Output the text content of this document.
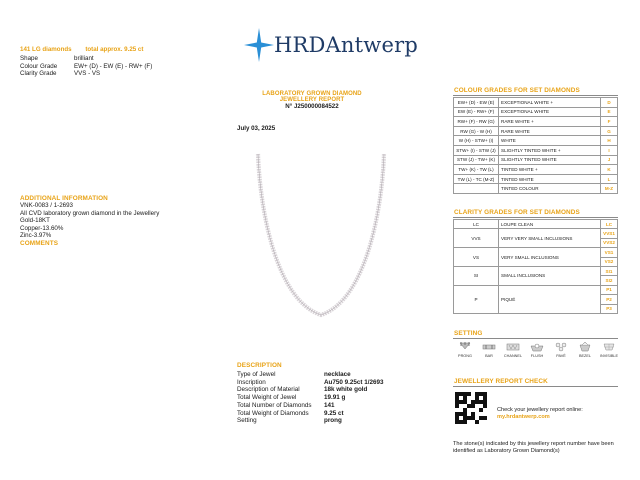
141 LG diamonds total approx. 9.25 ct
Shape	brilliant
Colour Grade	EW+ (D) - EW (E) - RW+ (F)
Clarity Grade	VVS - VS
HRDAntwerp
LABORATORY GROWN DIAMOND
JEWELLERY REPORT
N° J250000084522
July 03, 2025
ADDITIONAL INFORMATION
VNK-0083 / 1-2693
All CVD laboratory grown diamond in the Jewellery
Gold-18KT
Copper-13.60%
Zinc-3.97%
COMMENTS
DESCRIPTION
Type of Jewel	necklace
Inscription	Au750 9.25ct 1/2693
Description of Material	18k white gold
Total Weight of Jewel	19.91 g
Total Number of Diamonds	141
Total Weight of Diamonds	9.25 ct
Setting	prong
COLOUR GRADES FOR SET DIAMONDS
EW+ (D) - EW (E)	EXCEPTIONAL WHITE +	D
EW (E) - RW+ (F)	EXCEPTIONAL WHITE	E
RW+ (F) - RW (G)	RARE WHITE +	F
RW (G) - W (H)	RARE WHITE	G
W (H) - STW+ (I)	WHITE	H
STW+ (I) - STW (J)	SLIGHTLY TINTED WHITE +	I
STW (J) - TW+ (K)	SLIGHTLY TINTED WHITE	J
TW+ (K) - TW (L)	TINTED WHITE +	K
TW (L) - TC (M-Z)	TINTED WHITE	L
	TINTED COLOUR	M-Z
CLARITY GRADES FOR SET DIAMONDS
LC	LOUPE CLEAN	LC
VVS	VERY VERY SMALL INCLUSIONS	VVS1
		VVS2
VS	VERY SMALL INCLUSIONS	VS1
		VS2
SI	SMALL INCLUSIONS	SI1
		SI2
P	PIQUÉ	P1
		P2
		P3
SETTING
PRONG	BAR	CHANNEL FLUSH	PAVÉ	BEZEL INVISIBLE
JEWELLERY REPORT CHECK
Check your jewellery report online:
my.hrdantwerp.com
The stone(s) indicated by this jewellery report number have been
identified as Laboratory Grown Diamond(s)
